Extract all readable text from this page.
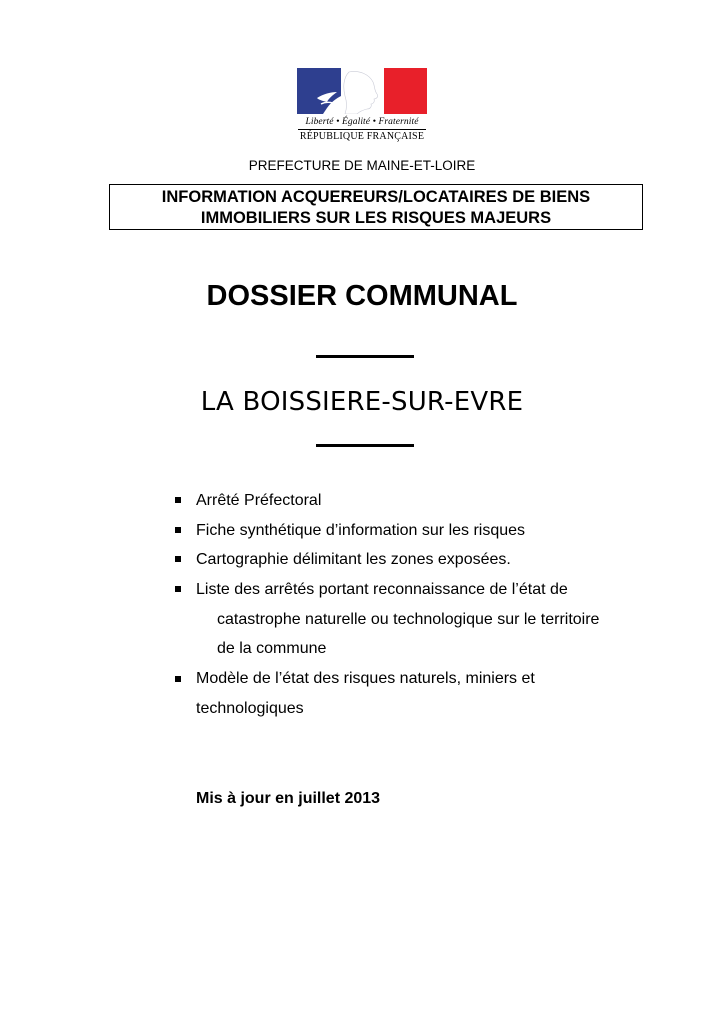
Liberté • Égalité • Fraternité
RÉPUBLIQUE FRANÇAISE
PREFECTURE DE MAINE-ET-LOIRE
INFORMATION ACQUEREURS/LOCATAIRES DE BIENS
IMMOBILIERS SUR LES RISQUES MAJEURS
DOSSIER COMMUNAL
LA BOISSIERE-SUR-EVRE
Arrêté Préfectoral
Fiche synthétique d’information sur les risques
Cartographie délimitant les zones exposées.
Liste des arrêtés portant reconnaissance de l’état de
catastrophe naturelle ou technologique sur le territoire
de la commune
Modèle de l’état des risques naturels, miniers et
technologiques
Mis à jour en juillet 2013
